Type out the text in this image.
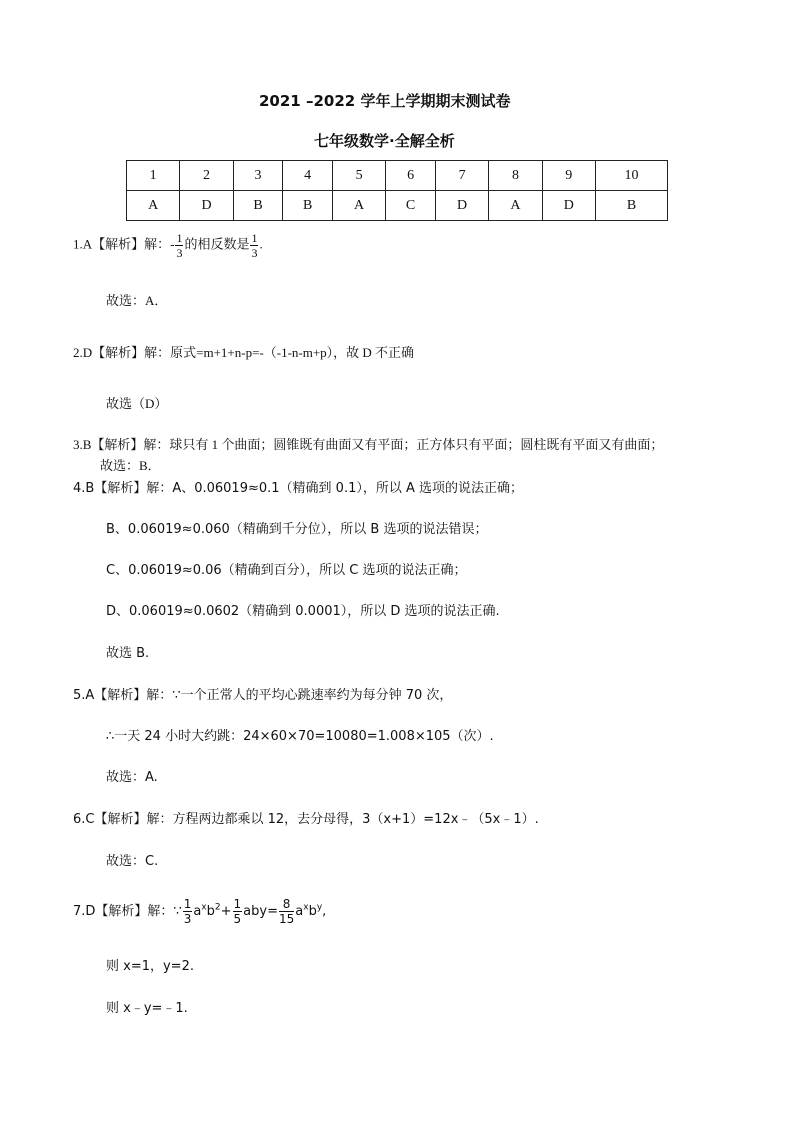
2021 –2022 学年上学期期末测试卷
七年级数学·全解全析
1	2	3	4	5	6	7	8	9	10
A	D	B	B	A	C	D	A	D	B
1.A【解析】解：- $\frac{1}{3}$ 的相反数是 $\frac{1}{3}$ .
故选：A．
2.D【解析】解：原式=m+1+n-p=-（-1-n-m+p），故 D 不正确
故选（D）
3.B【解析】解：球只有 1 个曲面；圆锥既有曲面又有平面；正方体只有平面；圆柱既有平面又有曲面；
故选：B．
4.B【解析】解：A、0.06019≈0.1（精确到 0.1），所以 A 选项的说法正确；
B、0.06019≈0.060（精确到千分位），所以 B 选项的说法错误；
C、0.06019≈0.06（精确到百分），所以 C 选项的说法正确；
D、0.06019≈0.0602（精确到 0.0001），所以 D 选项的说法正确.
故选 B.
5.A【解析】解：∵一个正常人的平均心跳速率约为每分钟 70 次，
∴一天 24 小时大约跳：24×60×70=10080=1.008×105（次）.
故选：A.
6.C【解析】解：方程两边都乘以 12，去分母得，3（x+1）=12x﹣（5x﹣1）.
故选：C.
7.D【解析】解：∵ $\frac{1}{3} a^xb^2+ \frac{1}{5} aby= \frac{8}{15} a^xb^y$,
则 x=1，y=2.
则 x﹣y=﹣1.
